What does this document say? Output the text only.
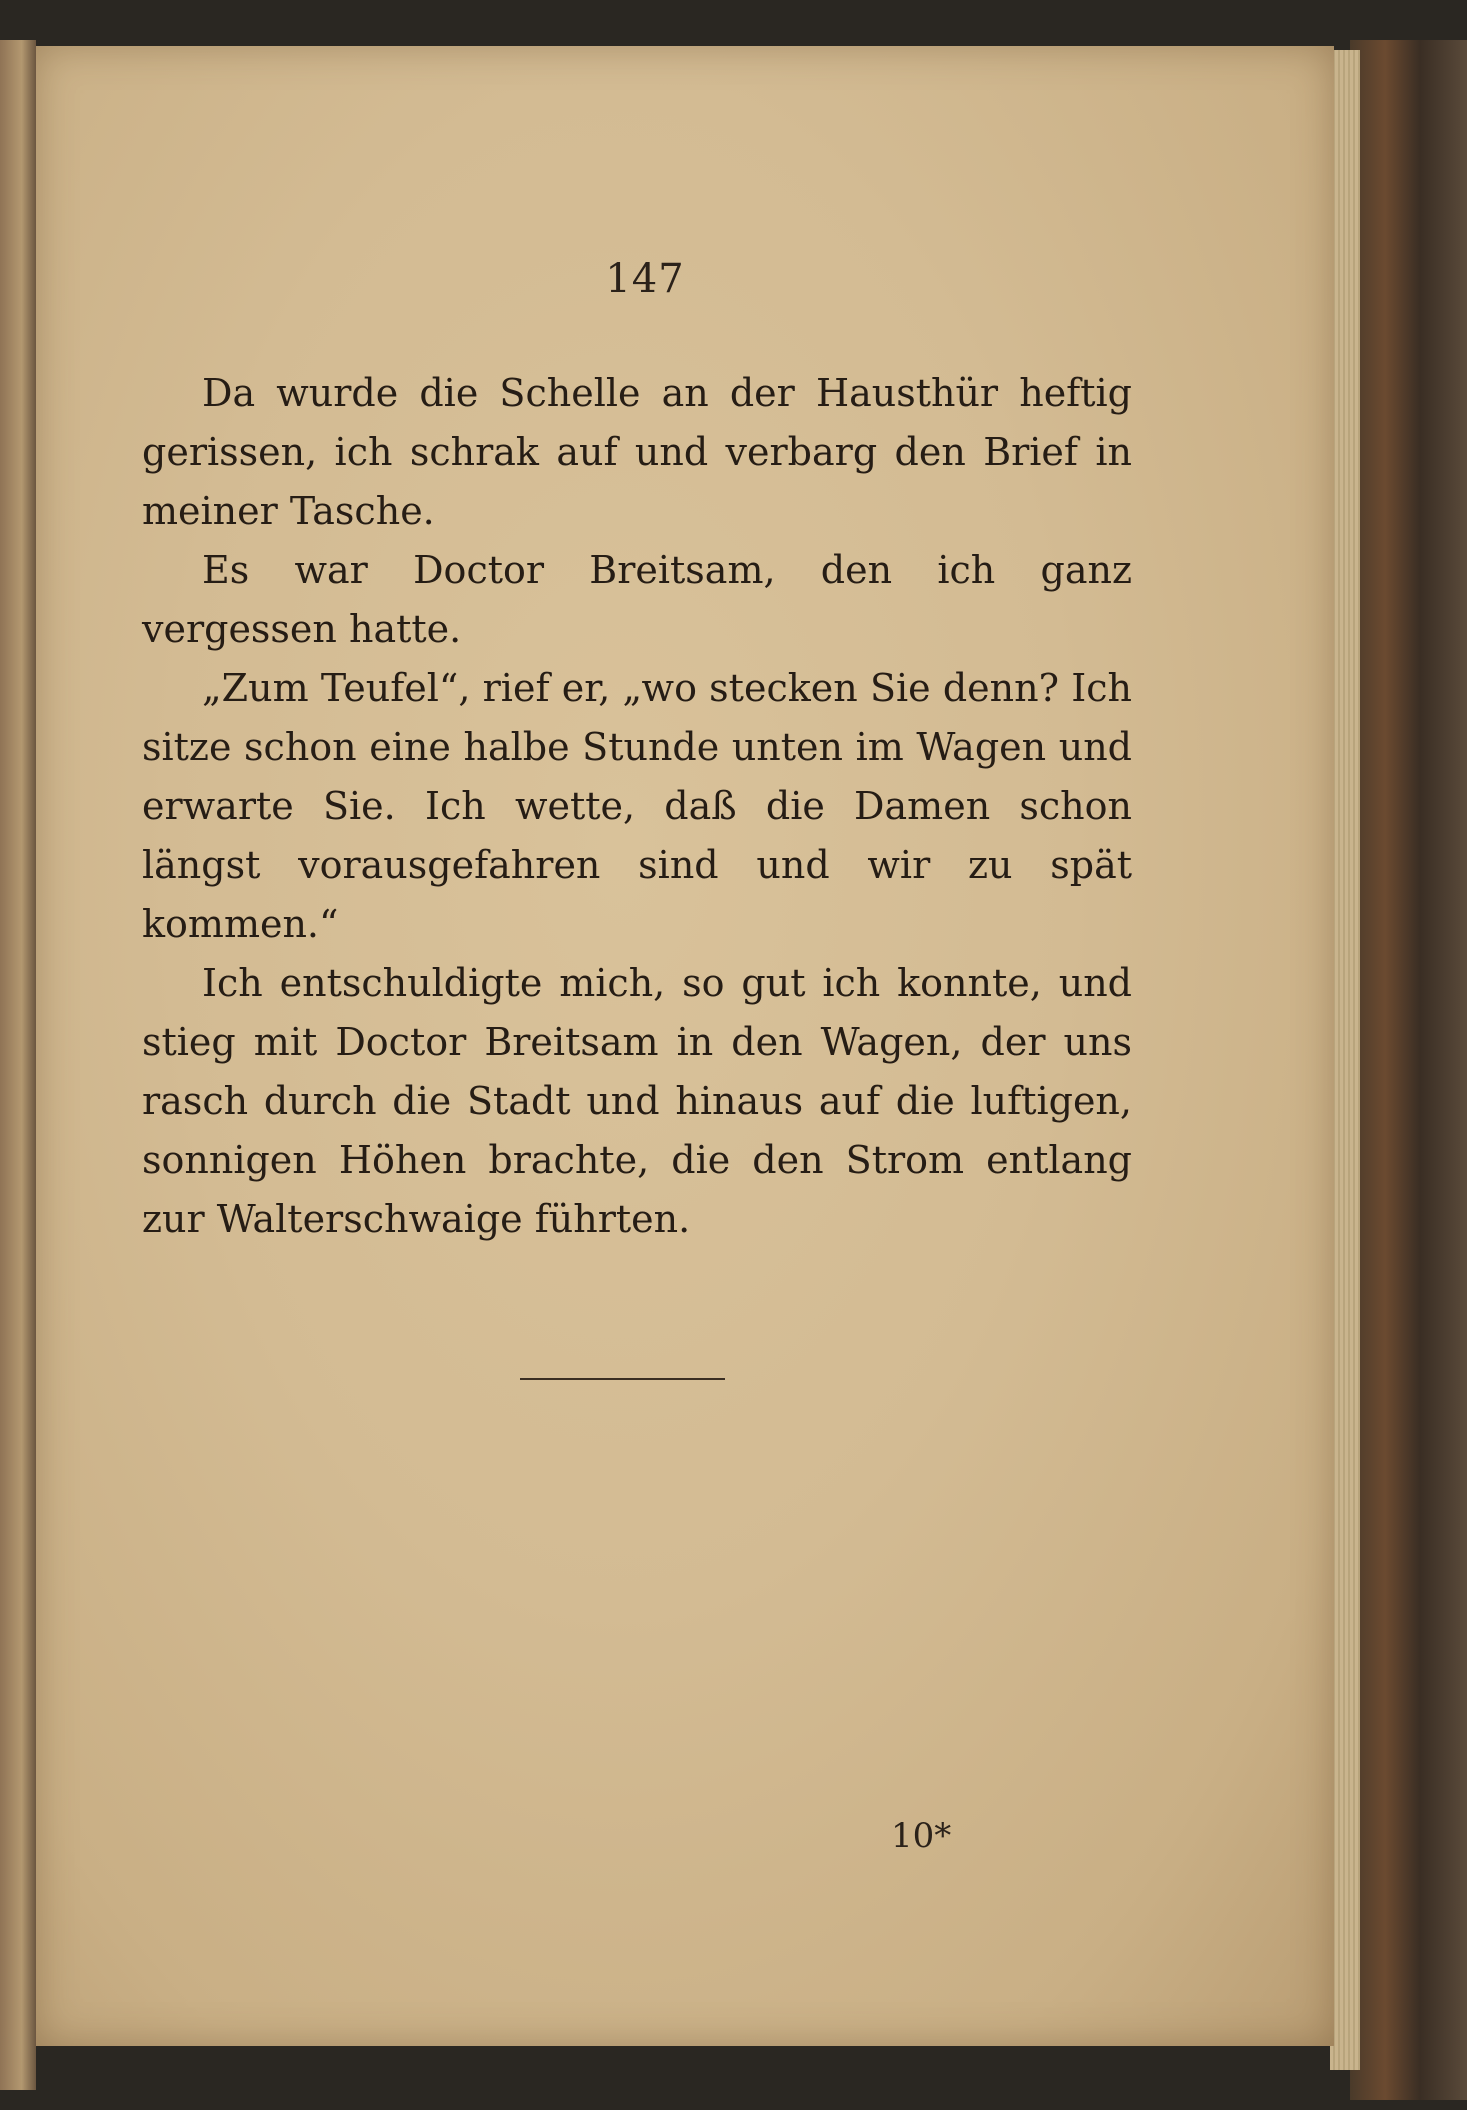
147

Da wurde die Schelle an der Hausthür heftig gerissen, ich schrak auf und verbarg den Brief in meiner Tasche.

Es war Doctor Breitsam, den ich ganz vergessen hatte.

„Zum Teufel“, rief er, „wo stecken Sie denn? Ich sitze schon eine halbe Stunde unten im Wagen und erwarte Sie. Ich wette, daß die Damen schon längst vorausgefahren sind und wir zu spät kommen.“

Ich entschuldigte mich, so gut ich konnte, und stieg mit Doctor Breitsam in den Wagen, der uns rasch durch die Stadt und hinaus auf die luftigen, sonnigen Höhen brachte, die den Strom entlang zur Walterschwaige führten.

10*
